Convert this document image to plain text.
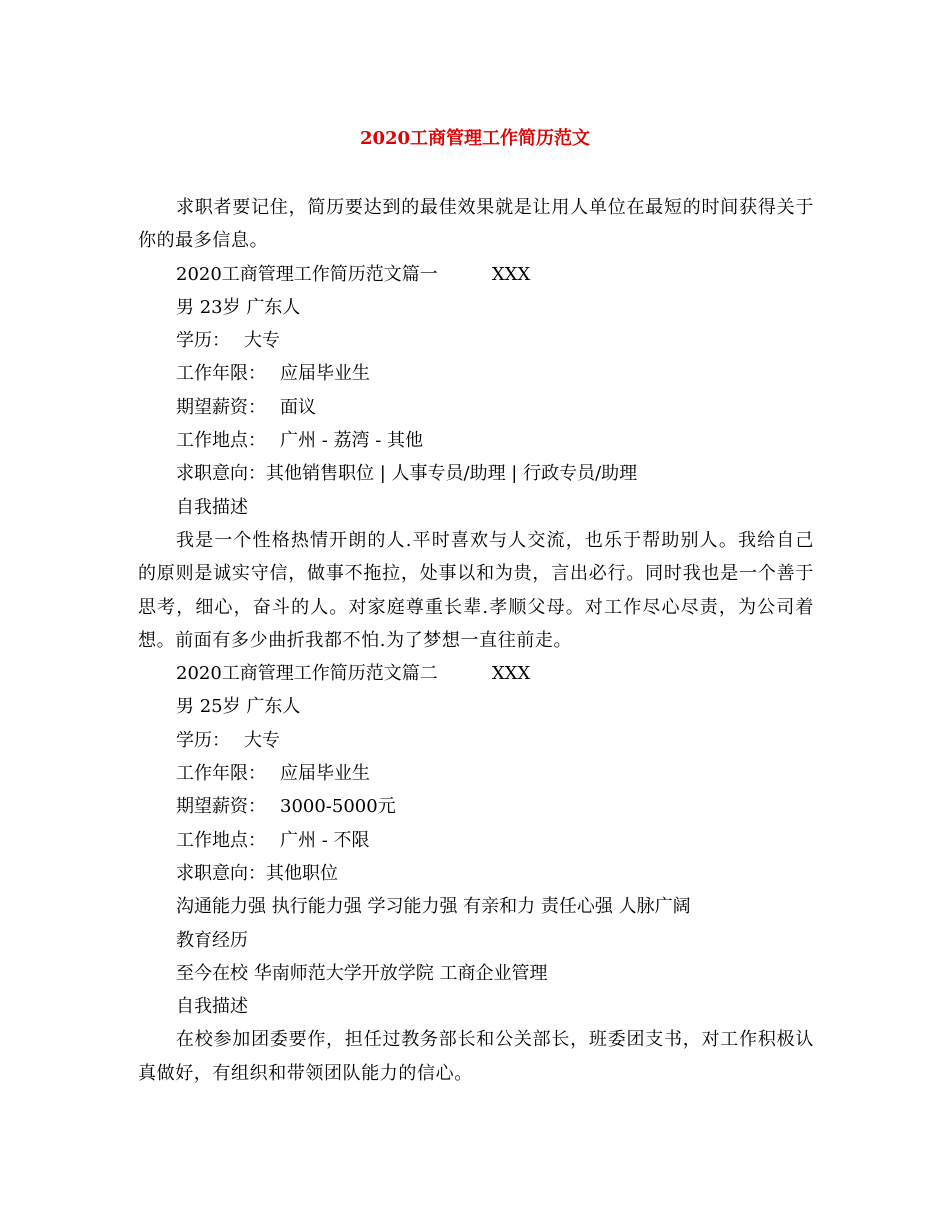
2020工商管理工作简历范文

求职者要记住，简历要达到的最佳效果就是让用人单位在最短的时间获得关于你的最多信息。

2020工商管理工作简历范文篇一	XXX

男 23岁 广东人

学历： 大专

工作年限： 应届毕业生

期望薪资： 面议

工作地点： 广州 - 荔湾 - 其他

求职意向：其他销售职位 | 人事专员/助理 | 行政专员/助理

自我描述

我是一个性格热情开朗的人.平时喜欢与人交流，也乐于帮助别人。我给自己的原则是诚实守信，做事不拖拉，处事以和为贵，言出必行。同时我也是一个善于思考，细心，奋斗的人。对家庭尊重长辈.孝顺父母。对工作尽心尽责，为公司着想。前面有多少曲折我都不怕.为了梦想一直往前走。

2020工商管理工作简历范文篇二	XXX

男 25岁 广东人

学历： 大专

工作年限： 应届毕业生

期望薪资： 3000-5000元

工作地点： 广州 - 不限

求职意向：其他职位

沟通能力强 执行能力强 学习能力强 有亲和力 责任心强 人脉广阔

教育经历

至今在校 华南师范大学开放学院 工商企业管理

自我描述

在校参加团委要作，担任过教务部长和公关部长，班委团支书，对工作积极认真做好，有组织和带领团队能力的信心。
